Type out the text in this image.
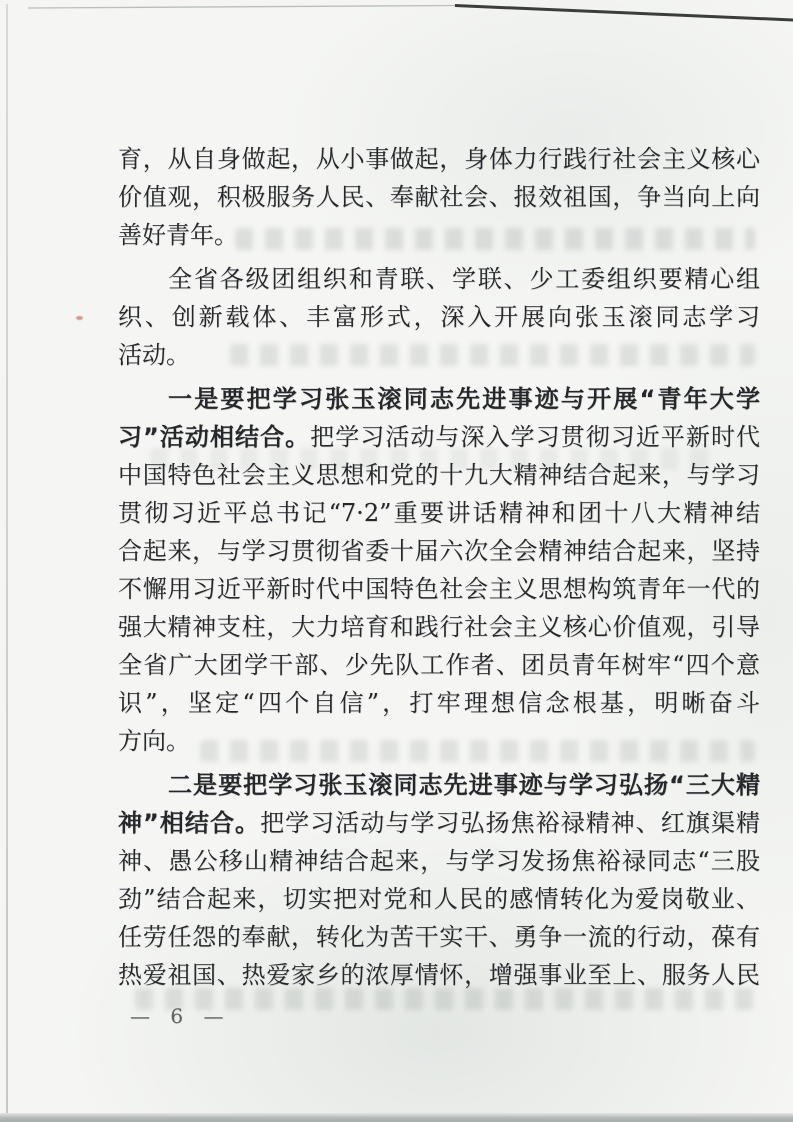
育，从自身做起，从小事做起，身体力行践行社会主义核心
价值观，积极服务人民、奉献社会、报效祖国，争当向上向
善好青年。
全省各级团组织和青联、学联、少工委组织要精心组
织、创新载体、丰富形式，深入开展向张玉滚同志学习
活动。
一是要把学习张玉滚同志先进事迹与开展“青年大学
习”活动相结合。把学习活动与深入学习贯彻习近平新时代
中国特色社会主义思想和党的十九大精神结合起来，与学习
贯彻习近平总书记“7·2”重要讲话精神和团十八大精神结
合起来，与学习贯彻省委十届六次全会精神结合起来，坚持
不懈用习近平新时代中国特色社会主义思想构筑青年一代的
强大精神支柱，大力培育和践行社会主义核心价值观，引导
全省广大团学干部、少先队工作者、团员青年树牢“四个意
识”，坚定“四个自信”，打牢理想信念根基，明晰奋斗
方向。
二是要把学习张玉滚同志先进事迹与学习弘扬“三大精
神”相结合。把学习活动与学习弘扬焦裕禄精神、红旗渠精
神、愚公移山精神结合起来，与学习发扬焦裕禄同志“三股
劲”结合起来，切实把对党和人民的感情转化为爱岗敬业、
任劳任怨的奉献，转化为苦干实干、勇争一流的行动，葆有
热爱祖国、热爱家乡的浓厚情怀，增强事业至上、服务人民
— 6 —
